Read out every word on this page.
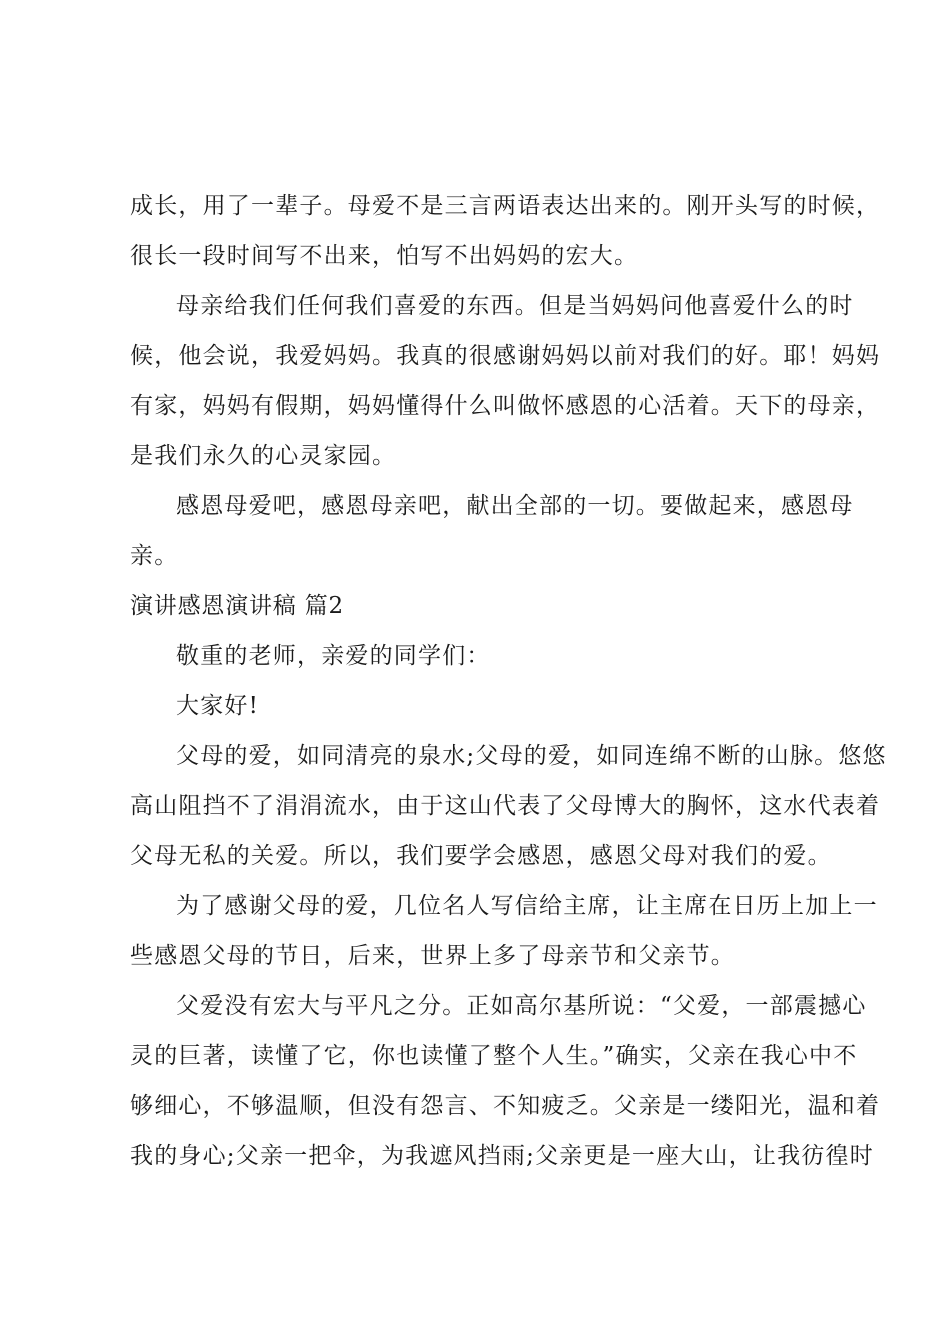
成长，用了一辈子。母爱不是三言两语表达出来的。刚开头写的时候，
很长一段时间写不出来，怕写不出妈妈的宏大。
母亲给我们任何我们喜爱的东西。但是当妈妈问他喜爱什么的时
候，他会说，我爱妈妈。我真的很感谢妈妈以前对我们的好。耶！妈妈
有家，妈妈有假期，妈妈懂得什么叫做怀感恩的心活着。天下的母亲，
是我们永久的心灵家园。
感恩母爱吧，感恩母亲吧，献出全部的一切。要做起来，感恩母
亲。
演讲感恩演讲稿 篇2
敬重的老师，亲爱的同学们：
大家好!
父母的爱，如同清亮的泉水;父母的爱，如同连绵不断的山脉。悠悠
高山阻挡不了涓涓流水，由于这山代表了父母博大的胸怀，这水代表着
父母无私的关爱。所以，我们要学会感恩，感恩父母对我们的爱。
为了感谢父母的爱，几位名人写信给主席，让主席在日历上加上一
些感恩父母的节日，后来，世界上多了母亲节和父亲节。
父爱没有宏大与平凡之分。正如高尔基所说：“父爱，一部震撼心
灵的巨著，读懂了它，你也读懂了整个人生。”确实，父亲在我心中不
够细心，不够温顺，但没有怨言、不知疲乏。父亲是一缕阳光，温和着
我的身心;父亲一把伞，为我遮风挡雨;父亲更是一座大山，让我彷徨时
